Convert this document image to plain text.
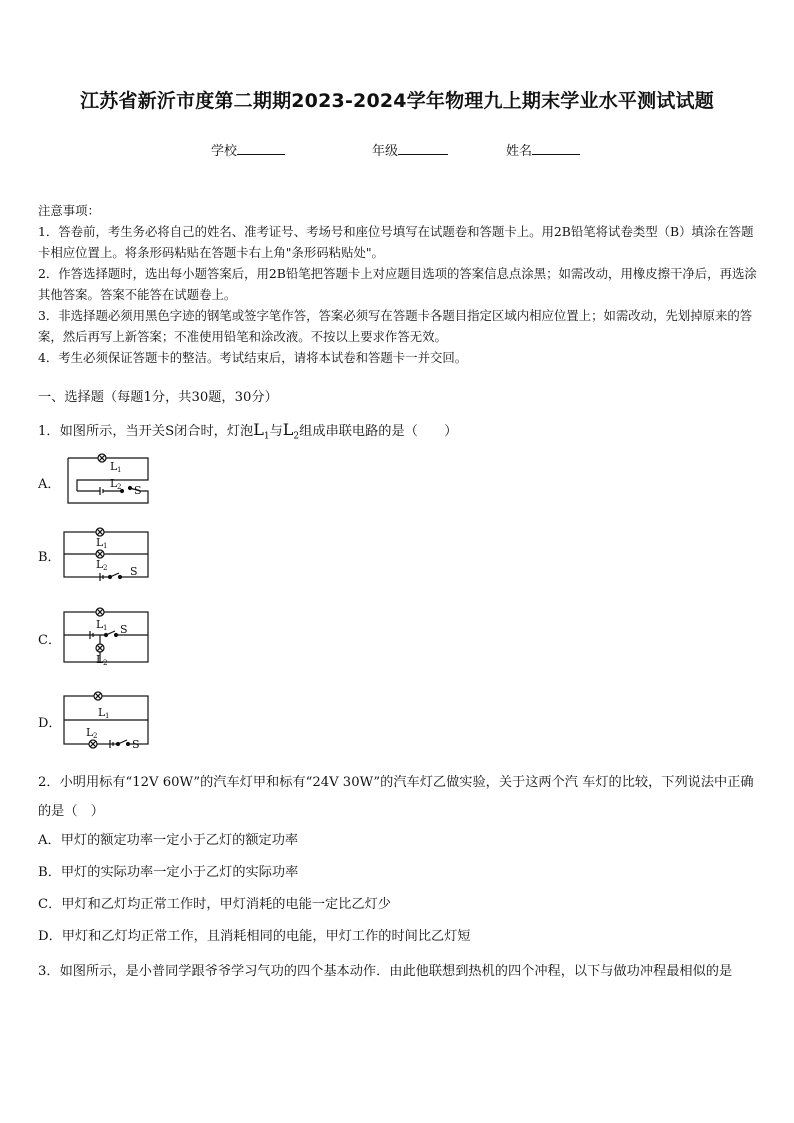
江苏省新沂市度第二期期2023-2024学年物理九上期末学业水平测试试题
学校	年级	姓名
注意事项：
1．答卷前，考生务必将自己的姓名、准考证号、考场号和座位号填写在试题卷和答题卡上。用2B铅笔将试卷类型（B）填涂在答题卡相应位置上。将条形码粘贴在答题卡右上角"条形码粘贴处"。
2．作答选择题时，选出每小题答案后，用2B铅笔把答题卡上对应题目选项的答案信息点涂黑；如需改动，用橡皮擦干净后，再选涂其他答案。答案不能答在试题卷上。
3．非选择题必须用黑色字迹的钢笔或签字笔作答，答案必须写在答题卡各题目指定区域内相应位置上；如需改动，先划掉原来的答案，然后再写上新答案；不准使用铅笔和涂改液。不按以上要求作答无效。
4．考生必须保证答题卡的整洁。考试结束后，请将本试卷和答题卡一并交回。
一、选择题（每题1分，共30题，30分）
1．如图所示，当开关S闭合时，灯泡$L_1$与$L_2$组成串联电路的是（　　）
A．
L 1
L 2 S
B．
L 1
L 2 S
C．
L 1 S
L 2
D．
L 1
L 2
S
2．小明用标有“12V 60W”的汽车灯甲和标有“24V 30W”的汽车灯乙做实验，关于这两个汽 车灯的比较，下列说法中正确的是（　）
A．甲灯的额定功率一定小于乙灯的额定功率
B．甲灯的实际功率一定小于乙灯的实际功率
C．甲灯和乙灯均正常工作时，甲灯消耗的电能一定比乙灯少
D．甲灯和乙灯均正常工作，且消耗相同的电能，甲灯工作的时间比乙灯短
3．如图所示，是小普同学跟爷爷学习气功的四个基本动作．由此他联想到热机的四个冲程，以下与做功冲程最相似的是
